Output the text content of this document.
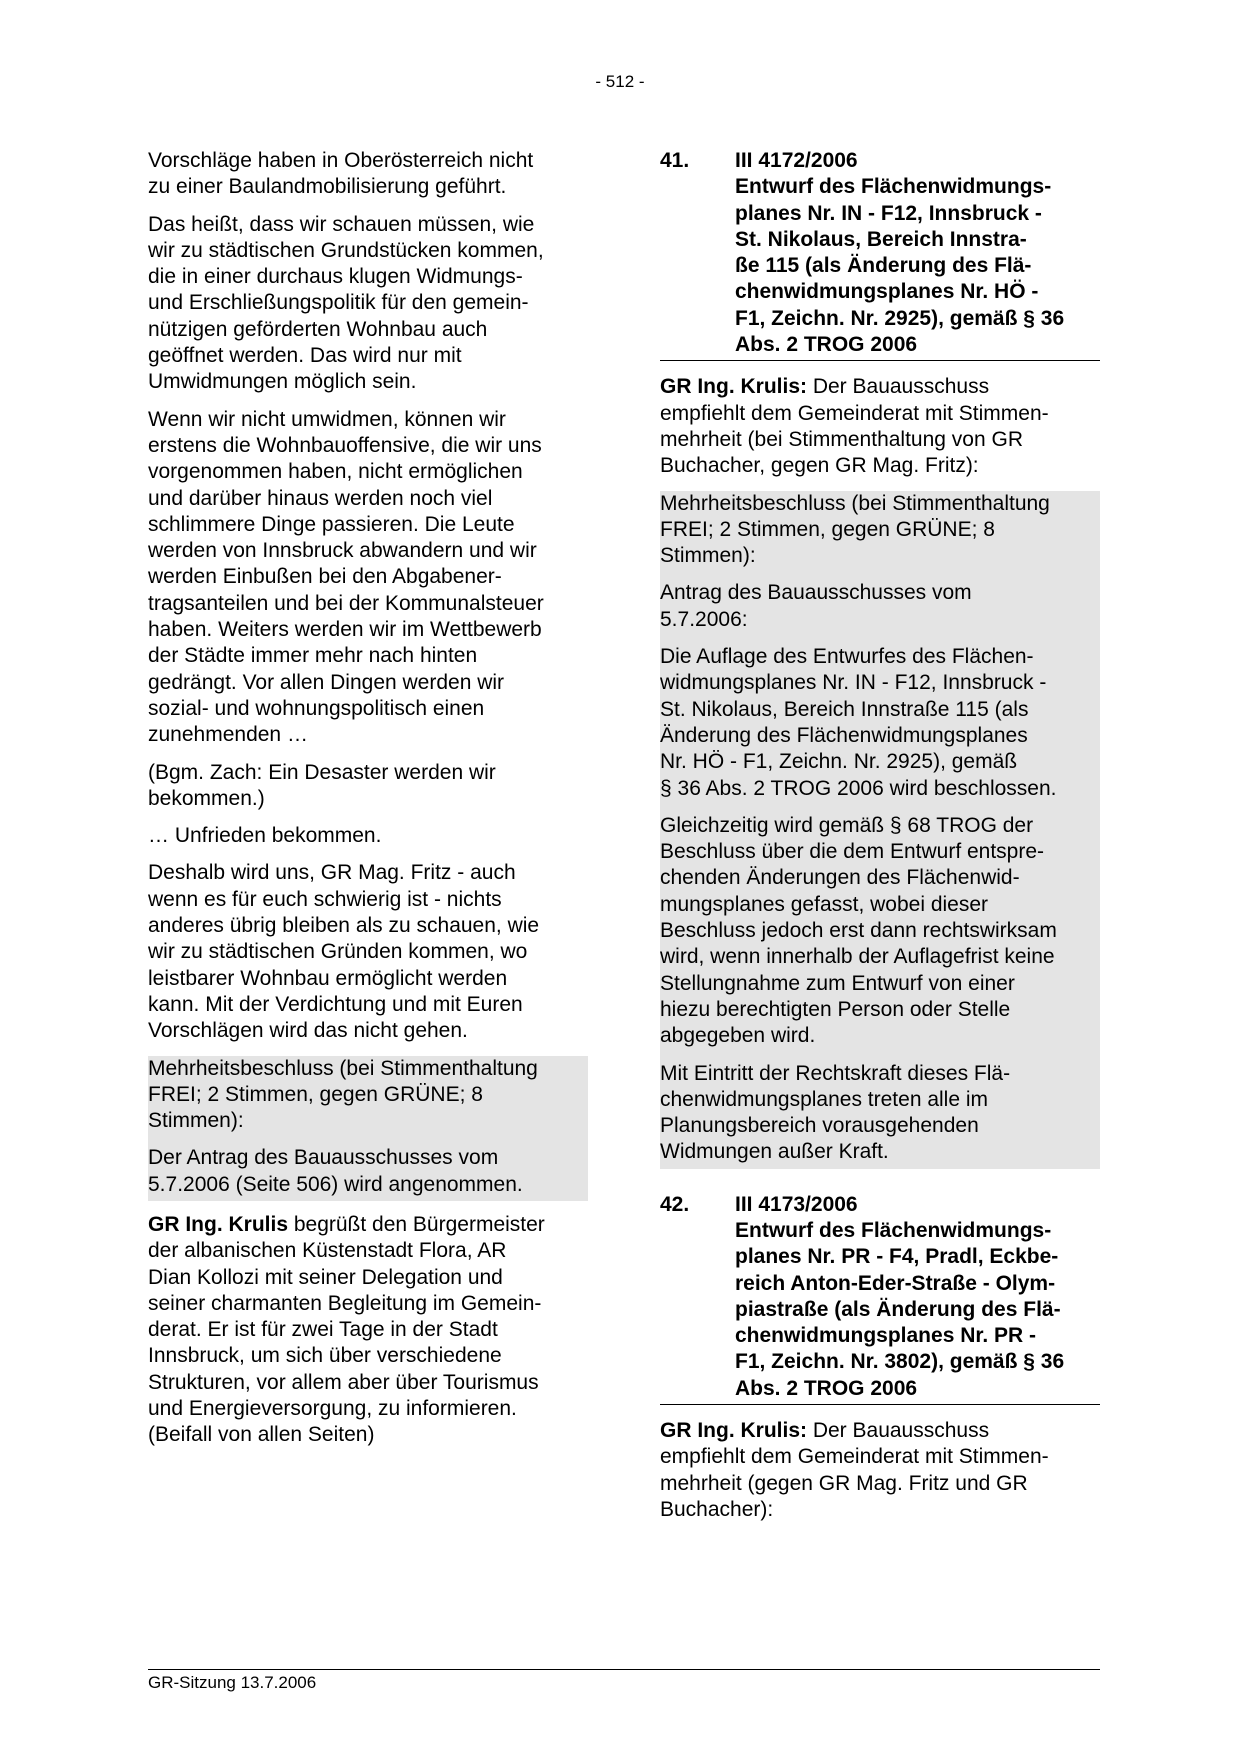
- 512 -
Vorschläge haben in Oberösterreich nicht
zu einer Baulandmobilisierung geführt.
Das heißt, dass wir schauen müssen, wie
wir zu städtischen Grundstücken kommen,
die in einer durchaus klugen Widmungs-
und Erschließungspolitik für den gemein-
nützigen geförderten Wohnbau auch
geöffnet werden. Das wird nur mit
Umwidmungen möglich sein.
Wenn wir nicht umwidmen, können wir
erstens die Wohnbauoffensive, die wir uns
vorgenommen haben, nicht ermöglichen
und darüber hinaus werden noch viel
schlimmere Dinge passieren. Die Leute
werden von Innsbruck abwandern und wir
werden Einbußen bei den Abgabener-
tragsanteilen und bei der Kommunalsteuer
haben. Weiters werden wir im Wettbewerb
der Städte immer mehr nach hinten
gedrängt. Vor allen Dingen werden wir
sozial- und wohnungspolitisch einen
zunehmenden …
(Bgm. Zach: Ein Desaster werden wir
bekommen.)
… Unfrieden bekommen.
Deshalb wird uns, GR Mag. Fritz - auch
wenn es für euch schwierig ist - nichts
anderes übrig bleiben als zu schauen, wie
wir zu städtischen Gründen kommen, wo
leistbarer Wohnbau ermöglicht werden
kann. Mit der Verdichtung und mit Euren
Vorschlägen wird das nicht gehen.
Mehrheitsbeschluss (bei Stimmenthaltung
FREI; 2 Stimmen, gegen GRÜNE; 8
Stimmen):
Der Antrag des Bauausschusses vom
5.7.2006 (Seite 506) wird angenommen.
GR Ing. Krulis begrüßt den Bürgermeister
der albanischen Küstenstadt Flora, AR
Dian Kollozi mit seiner Delegation und
seiner charmanten Begleitung im Gemein-
derat. Er ist für zwei Tage in der Stadt
Innsbruck, um sich über verschiedene
Strukturen, vor allem aber über Tourismus
und Energieversorgung, zu informieren.
(Beifall von allen Seiten)
41.	III 4172/2006
Entwurf des Flächenwidmungs-
planes Nr. IN - F12, Innsbruck -
St. Nikolaus, Bereich Innstra-
ße 115 (als Änderung des Flä-
chenwidmungsplanes Nr. HÖ -
F1, Zeichn. Nr. 2925), gemäß § 36
Abs. 2 TROG 2006
GR Ing. Krulis: Der Bauausschuss
empfiehlt dem Gemeinderat mit Stimmen-
mehrheit (bei Stimmenthaltung von GR
Buchacher, gegen GR Mag. Fritz):
Mehrheitsbeschluss (bei Stimmenthaltung
FREI; 2 Stimmen, gegen GRÜNE; 8
Stimmen):
Antrag des Bauausschusses vom
5.7.2006:
Die Auflage des Entwurfes des Flächen-
widmungsplanes Nr. IN - F12, Innsbruck -
St. Nikolaus, Bereich Innstraße 115 (als
Änderung des Flächenwidmungsplanes
Nr. HÖ - F1, Zeichn. Nr. 2925), gemäß
§ 36 Abs. 2 TROG 2006 wird beschlossen.
Gleichzeitig wird gemäß § 68 TROG der
Beschluss über die dem Entwurf entspre-
chenden Änderungen des Flächenwid-
mungsplanes gefasst, wobei dieser
Beschluss jedoch erst dann rechtswirksam
wird, wenn innerhalb der Auflagefrist keine
Stellungnahme zum Entwurf von einer
hiezu berechtigten Person oder Stelle
abgegeben wird.
Mit Eintritt der Rechtskraft dieses Flä-
chenwidmungsplanes treten alle im
Planungsbereich vorausgehenden
Widmungen außer Kraft.
42.	III 4173/2006
Entwurf des Flächenwidmungs-
planes Nr. PR - F4, Pradl, Eckbe-
reich Anton-Eder-Straße - Olym-
piastraße (als Änderung des Flä-
chenwidmungsplanes Nr. PR -
F1, Zeichn. Nr. 3802), gemäß § 36
Abs. 2 TROG 2006
GR Ing. Krulis: Der Bauausschuss
empfiehlt dem Gemeinderat mit Stimmen-
mehrheit (gegen GR Mag. Fritz und GR
Buchacher):
GR-Sitzung 13.7.2006
